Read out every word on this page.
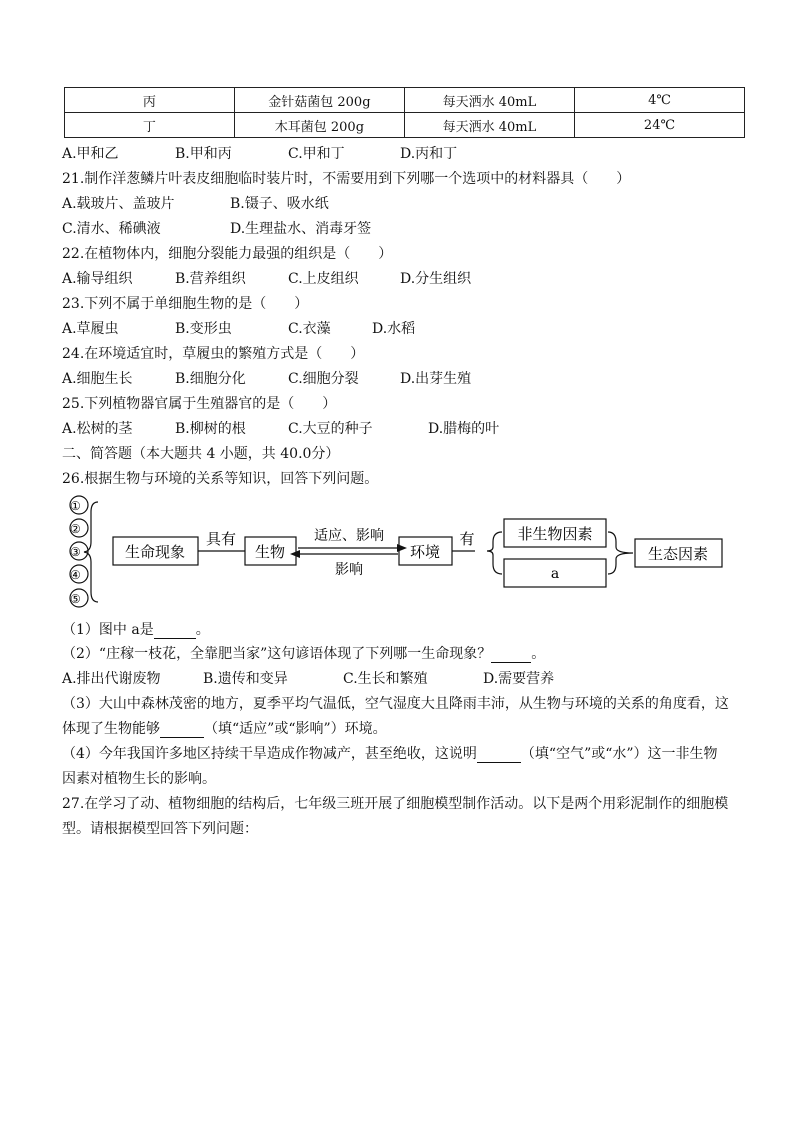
丙	金针菇菌包 200g	每天洒水 40mL	4℃
丁	木耳菌包 200g	每天洒水 40mL	24℃
A.甲和乙	B.甲和丙	C.甲和丁	D.丙和丁
21.制作洋葱鳞片叶表皮细胞临时装片时，不需要用到下列哪一个选项中的材料器具（　　）
A.载玻片、盖玻片	B.镊子、吸水纸
C.清水、稀碘液	D.生理盐水、消毒牙签
22.在植物体内，细胞分裂能力最强的组织是（　　）
A.输导组织	B.营养组织	C.上皮组织	D.分生组织
23.下列不属于单细胞生物的是（　　）
A.草履虫	B.变形虫	C.衣藻	D.水稻
24.在环境适宜时，草履虫的繁殖方式是（　　）
A.细胞生长	B.细胞分化	C.细胞分裂	D.出芽生殖
25.下列植物器官属于生殖器官的是（　　）
A.松树的茎	B.柳树的根	C.大豆的种子	D.腊梅的叶
二、简答题（本大题共 4 小题，共 40.0分）
26.根据生物与环境的关系等知识，回答下列问题。
①
②
③
④
⑤
生命现象
具有
生物
适应、影响
影响
环境
有	非生物因素
a
生态因素
（1）图中 a是	。
（2）“庄稼一枝花，全靠肥当家”这句谚语体现了下列哪一生命现象？	。
A.排出代谢废物	B.遗传和变异	C.生长和繁殖	D.需要营养
（3）大山中森林茂密的地方，夏季平均气温低，空气湿度大且降雨丰沛，从生物与环境的关系的角度看，这
体现了生物能够	（填“适应”或“影响”）环境。
（4）今年我国许多地区持续干旱造成作物减产，甚至绝收，这说明	（填“空气”或“水”）这一非生物
因素对植物生长的影响。
27.在学习了动、植物细胞的结构后，七年级三班开展了细胞模型制作活动。以下是两个用彩泥制作的细胞模
型。请根据模型回答下列问题：
